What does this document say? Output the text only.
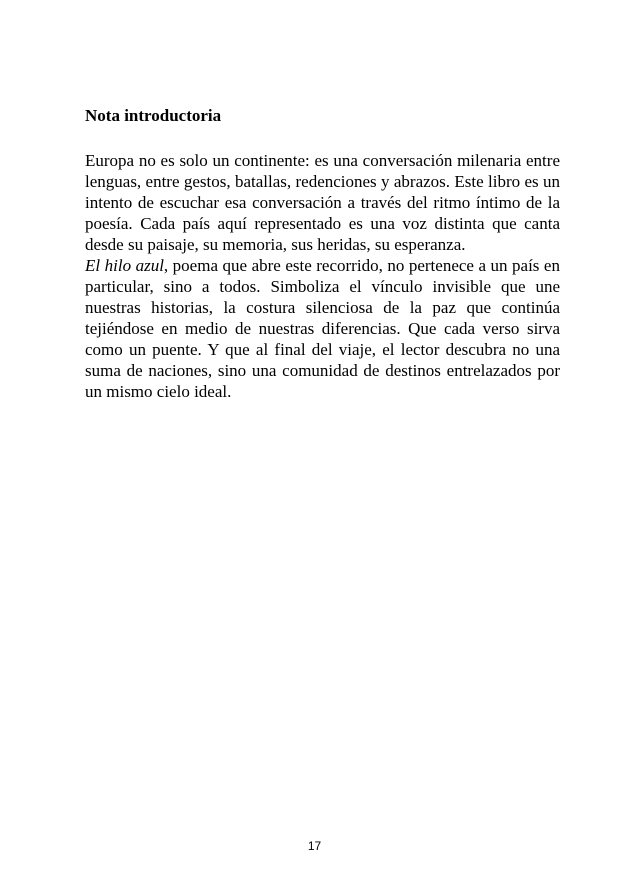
Nota introductoria

Europa no es solo un continente: es una conversación milenaria entre lenguas, entre gestos, batallas, redenciones y abrazos. Este libro es un intento de escuchar esa conversación a través del ritmo íntimo de la poesía. Cada país aquí representado es una voz distinta que canta desde su paisaje, su memoria, sus heridas, su esperanza.

El hilo azul, poema que abre este recorrido, no pertenece a un país en particular, sino a todos. Simboliza el vínculo invisible que une nuestras historias, la costura silenciosa de la paz que continúa tejiéndose en medio de nuestras diferencias. Que cada verso sirva como un puente. Y que al final del viaje, el lector descubra no una suma de naciones, sino una comunidad de destinos entrelazados por un mismo cielo ideal.

17
